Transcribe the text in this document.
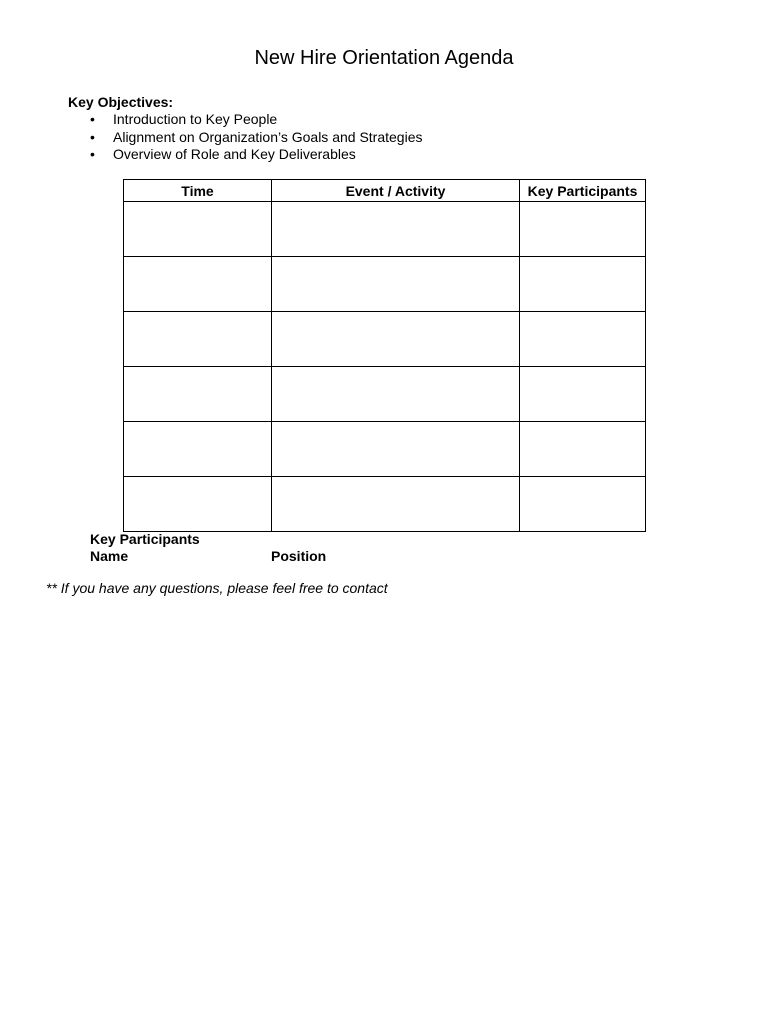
New Hire Orientation Agenda
Key Objectives:
• Introduction to Key People
• Alignment on Organization’s Goals and Strategies
• Overview of Role and Key Deliverables
Time	Event / Activity	Key Participants

Key Participants
Name	Position
** If you have any questions, please feel free to contact
